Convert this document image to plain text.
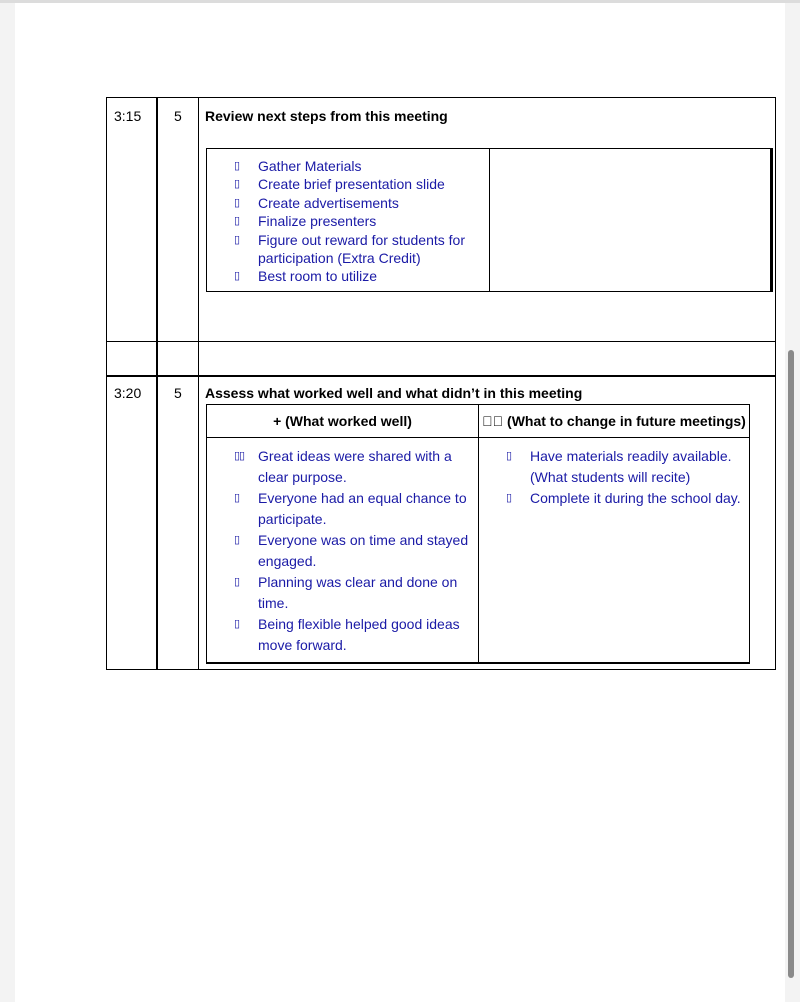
3:15 5 Review next steps from this meeting
▯ Gather Materials
▯ Create brief presentation slide
▯ Create advertisements
▯ Finalize presenters
▯ Figure out reward for students for participation (Extra Credit)
▯ Best room to utilize
3:20 5 Assess what worked well and what didn’t in this meeting
+ (What worked well)	☐⃞ (What to change in future meetings)
▯▯ Great ideas were shared with a clear purpose.
▯ Everyone had an equal chance to participate.
▯ Everyone was on time and stayed engaged.
▯ Planning was clear and done on time.
▯ Being flexible helped good ideas move forward.
▯ Have materials readily available. (What students will recite)
▯ Complete it during the school day.
